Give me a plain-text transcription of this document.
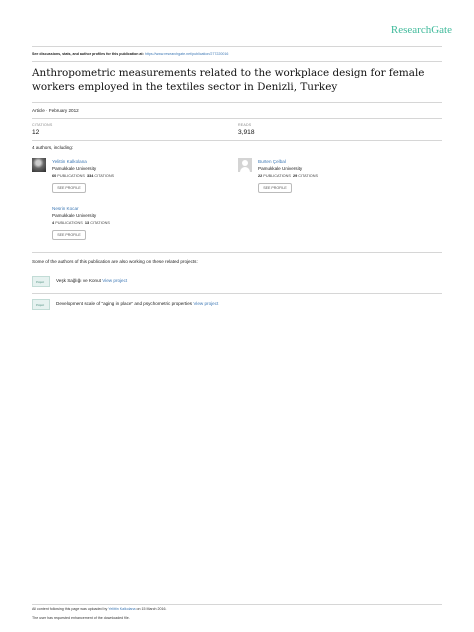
ResearchGate
See discussions, stats, and author profiles for this publication at: https://www.researchgate.net/publication/277220016
Anthropometric measurements related to the workplace design for female workers employed in the textiles sector in Denizli, Turkey
Article · February 2012
CITATIONS
12
READS
3,918
4 authors, including:
Yelittin Kalkolana
Pamukkale University
60 PUBLICATIONS 334 CITATIONS
SEE PROFILE
Burten Çelbal
Pamukkale University
22 PUBLICATIONS 29 CITATIONS
SEE PROFILE
Nesrin Kocar
Pamukkale University
4 PUBLICATIONS 13 CITATIONS
SEE PROFILE
Some of the authors of this publication are also working on these related projects:
Project
Veşk Sağlığı ve Konut View project
Project
Development scale of "aging in place" and psychometric properties View project
All content following this page was uploaded by Yelittin Kalkolana on 15 March 2016.
The user has requested enhancement of the downloaded file.
